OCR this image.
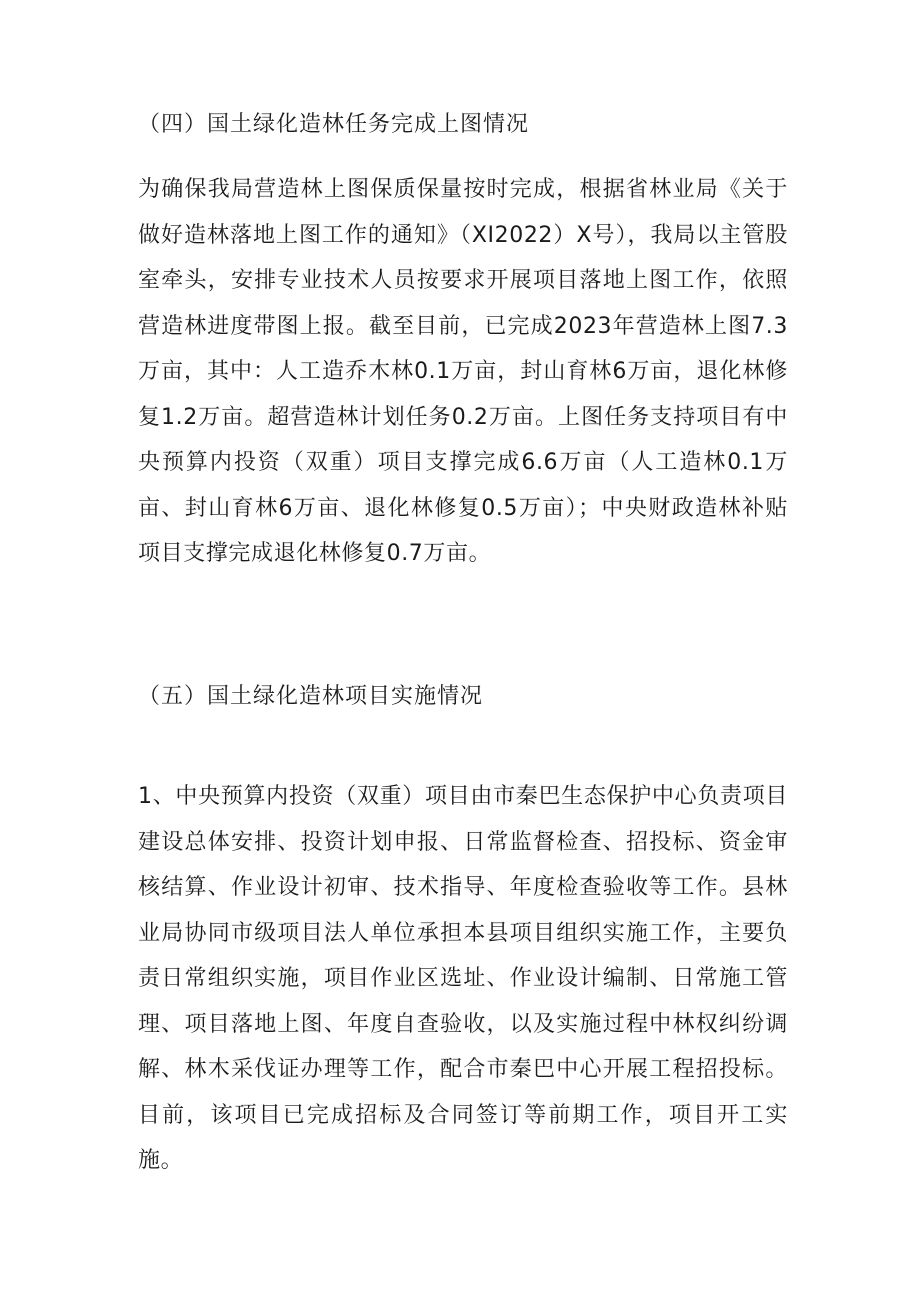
（四）国土绿化造林任务完成上图情况
为确保我局营造林上图保质保量按时完成，根据省林业局《关于做好造林落地上图工作的通知》（XI2022）X号），我局以主管股室牵头，安排专业技术人员按要求开展项目落地上图工作，依照营造林进度带图上报。截至目前，已完成2023年营造林上图7.3万亩，其中：人工造乔木林0.1万亩，封山育林6万亩，退化林修复1.2万亩。超营造林计划任务0.2万亩。上图任务支持项目有中央预算内投资（双重）项目支撑完成6.6万亩（人工造林0.1万亩、封山育林6万亩、退化林修复0.5万亩）；中央财政造林补贴项目支撑完成退化林修复0.7万亩。
（五）国土绿化造林项目实施情况
1、中央预算内投资（双重）项目由市秦巴生态保护中心负责项目建设总体安排、投资计划申报、日常监督检查、招投标、资金审核结算、作业设计初审、技术指导、年度检查验收等工作。县林业局协同市级项目法人单位承担本县项目组织实施工作，主要负责日常组织实施，项目作业区选址、作业设计编制、日常施工管理、项目落地上图、年度自查验收，以及实施过程中林权纠纷调解、林木采伐证办理等工作，配合市秦巴中心开展工程招投标。目前，该项目已完成招标及合同签订等前期工作，项目开工实施。
